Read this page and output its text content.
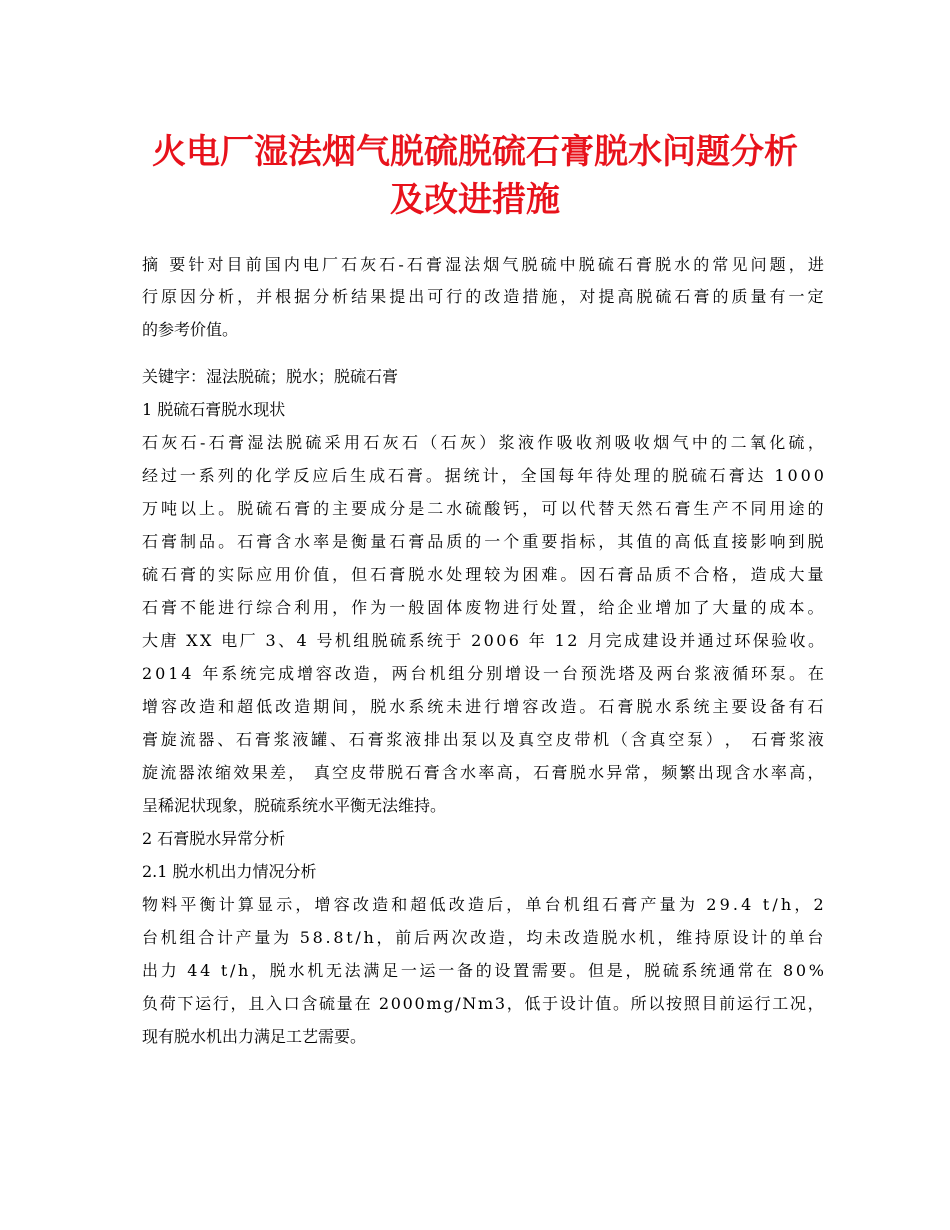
火电厂湿法烟气脱硫脱硫石膏脱水问题分析
及改进措施
摘
要 针 对 目 前 国 内 电 厂 石 灰 石 - 石 膏 湿 法 烟 气 脱 硫 中 脱 硫 石 膏 脱 水 的 常 见 问 题 ， 进
行 原 因 分 析 ， 并 根 据 分 析 结 果 提 出 可 行 的 改 造 措 施 ， 对 提 高 脱 硫 石 膏 的 质 量 有 一 定
的参考价值。
关键字：湿法脱硫；脱水；脱硫石膏
1 脱硫石膏脱水现状
石 灰 石 - 石 膏 湿 法 脱 硫 采 用 石 灰 石 （ 石 灰 ） 浆 液 作 吸 收 剂 吸 收 烟 气 中 的 二 氧 化 硫 ，
经 过 一 系 列 的 化 学 反 应 后 生 成 石 膏 。 据 统 计 ， 全 国 每 年 待 处 理 的 脱 硫 石 膏 达
1 0 0 0
万 吨 以 上 。 脱 硫 石 膏 的 主 要 成 分 是 二 水 硫 酸 钙 ， 可 以 代 替 天 然 石 膏 生 产 不 同 用 途 的
石 膏 制 品 。 石 膏 含 水 率 是 衡 量 石 膏 品 质 的 一 个 重 要 指 标 ， 其 值 的 高 低 直 接 影 响 到 脱
硫 石 膏 的 实 际 应 用 价 值 ， 但 石 膏 脱 水 处 理 较 为 困 难 。 因 石 膏 品 质 不 合 格 ， 造 成 大 量
石 膏 不 能 进 行 综 合 利 用 ， 作 为 一 般 固 体 废 物 进 行 处 置 ， 给 企 业 增 加 了 大 量 的 成 本 。
大 唐
X X
电 厂
3 、 4
号 机 组 脱 硫 系 统 于
2 0 0 6
年
1 2
月 完 成 建 设 并 通 过 环 保 验 收 。
2 0 1 4
年 系 统 完 成 增 容 改 造 ， 两 台 机 组 分 别 增 设 一 台 预 洗 塔 及 两 台 浆 液 循 环 泵 。 在
增 容 改 造 和 超 低 改 造 期 间 ， 脱 水 系 统 未 进 行 增 容 改 造 。 石 膏 脱 水 系 统 主 要 设 备 有 石
膏 旋 流 器 、 石 膏 浆 液 罐 、 石 膏 浆 液 排 出 泵 以 及 真 空 皮 带 机 （ 含 真 空 泵 ） ，
石 膏 浆 液
旋 流 器 浓 缩 效 果 差 ，
真 空 皮 带 脱 石 膏 含 水 率 高 ， 石 膏 脱 水 异 常 ， 频 繁 出 现 含 水 率 高 ，
呈稀泥状现象，脱硫系统水平衡无法维持。
2 石膏脱水异常分析
2.1 脱水机出力情况分析
物 料 平 衡 计 算 显 示 ， 增 容 改 造 和 超 低 改 造 后 ， 单 台 机 组 石 膏 产 量 为
2 9 . 4
t / h ， 2
台 机 组 合 计 产 量 为
5 8 . 8 t / h ， 前 后 两 次 改 造 ， 均 未 改 造 脱 水 机 ， 维 持 原 设 计 的 单 台
出 力
4 4
t / h ， 脱 水 机 无 法 满 足 一 运 一 备 的 设 置 需 要 。 但 是 ， 脱 硫 系 统 通 常 在
8 0 %
负 荷 下 运 行 ， 且 入 口 含 硫 量 在
2 0 0 0 m g / N m 3 ， 低 于 设 计 值 。 所 以 按 照 目 前 运 行 工 况 ，
现有脱水机出力满足工艺需要。
